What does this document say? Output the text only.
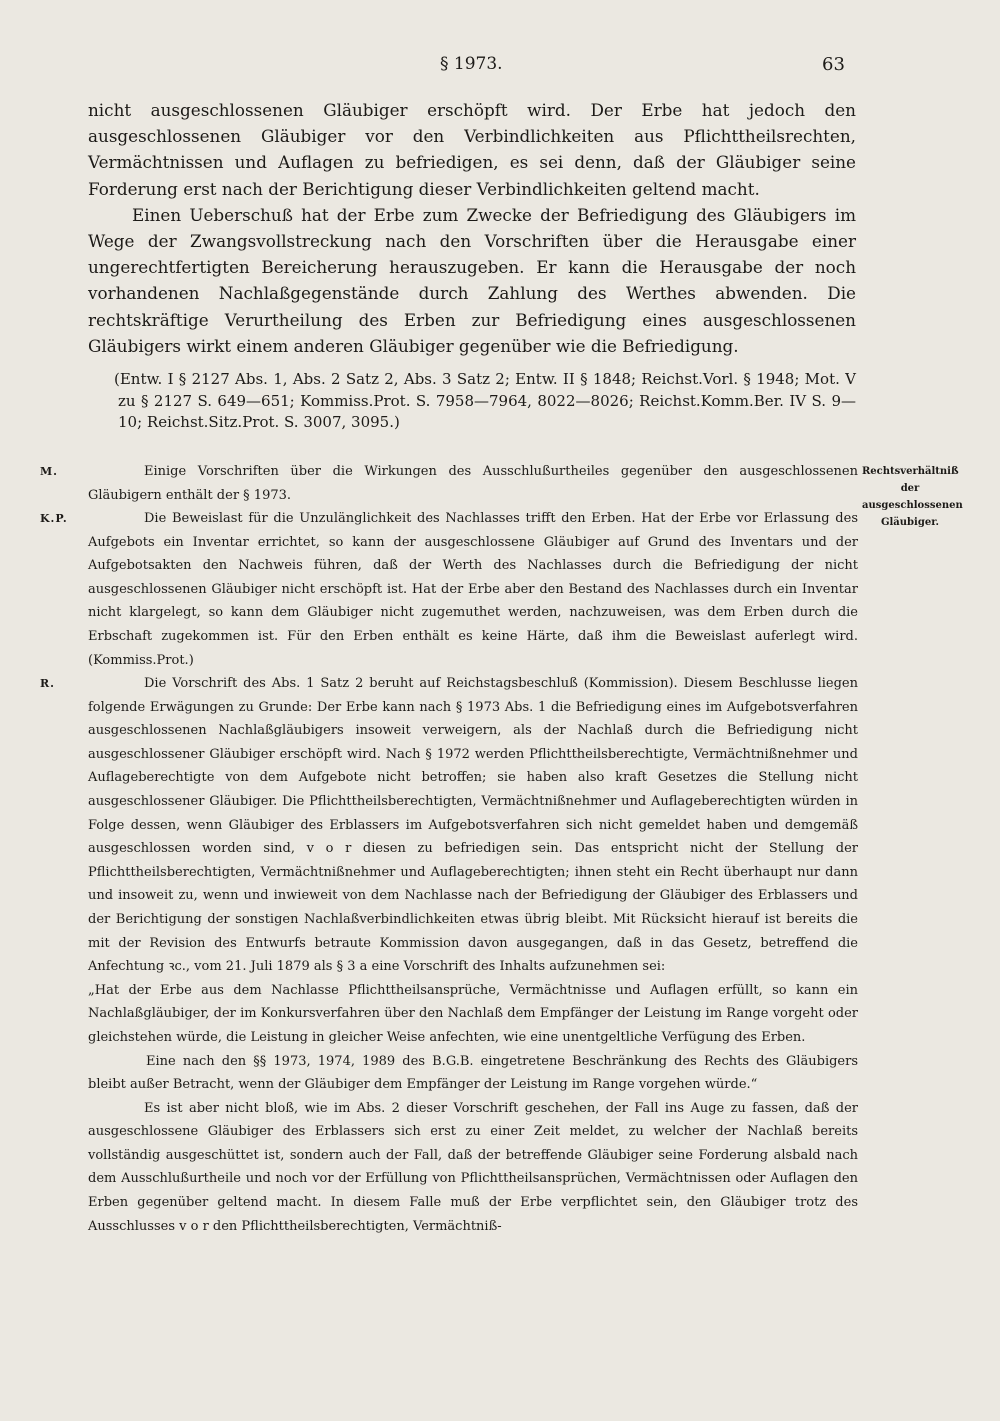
§ 1973.	63

nicht ausgeschlossenen Gläubiger erschöpft wird. Der Erbe hat jedoch den ausgeschlossenen Gläubiger vor den Verbindlichkeiten aus Pflichttheilsrechten, Vermächtnissen und Auflagen zu befriedigen, es sei denn, daß der Gläubiger seine Forderung erst nach der Berichtigung dieser Verbindlichkeiten geltend macht.

Einen Ueberschuß hat der Erbe zum Zwecke der Befriedigung des Gläubigers im Wege der Zwangsvollstreckung nach den Vorschriften über die Herausgabe einer ungerechtfertigten Bereicherung herauszugeben. Er kann die Herausgabe der noch vorhandenen Nachlaßgegenstände durch Zahlung des Werthes abwenden. Die rechtskräftige Verurtheilung des Erben zur Befriedigung eines ausgeschlossenen Gläubigers wirkt einem anderen Gläubiger gegenüber wie die Befriedigung.

(Entw. I § 2127 Abs. 1, Abs. 2 Satz 2, Abs. 3 Satz 2; Entw. II § 1848; Reichst.Vorl. § 1948; Mot. V zu § 2127 S. 649—651; Kommiss.Prot. S. 7958—7964, 8022—8026; Reichst.Komm.Ber. IV S. 9—10; Reichst.Sitz.Prot. S. 3007, 3095.)

Rechtsverhältniß der ausgeschlossenen Gläubiger.
M.	Einige Vorschriften über die Wirkungen des Ausschlußurtheiles gegenüber den ausgeschlossenen Gläubigern enthält der § 1973.

K.P.	Die Beweislast für die Unzulänglichkeit des Nachlasses trifft den Erben. Hat der Erbe vor Erlassung des Aufgebots ein Inventar errichtet, so kann der ausgeschlossene Gläubiger auf Grund des Inventars und der Aufgebotsakten den Nachweis führen, daß der Werth des Nachlasses durch die Befriedigung der nicht ausgeschlossenen Gläubiger nicht erschöpft ist. Hat der Erbe aber den Bestand des Nachlasses durch ein Inventar nicht klargelegt, so kann dem Gläubiger nicht zugemuthet werden, nachzuweisen, was dem Erben durch die Erbschaft zugekommen ist. Für den Erben enthält es keine Härte, daß ihm die Beweislast auferlegt wird. (Kommiss.Prot.)

R.	Die Vorschrift des Abs. 1 Satz 2 beruht auf Reichstagsbeschluß (Kommission). Diesem Beschlusse liegen folgende Erwägungen zu Grunde: Der Erbe kann nach § 1973 Abs. 1 die Befriedigung eines im Aufgebotsverfahren ausgeschlossenen Nachlaßgläubigers insoweit verweigern, als der Nachlaß durch die Befriedigung nicht ausgeschlossener Gläubiger erschöpft wird. Nach § 1972 werden Pflichttheilsberechtigte, Vermächtnißnehmer und Auflageberechtigte von dem Aufgebote nicht betroffen; sie haben also kraft Gesetzes die Stellung nicht ausgeschlossener Gläubiger. Die Pflichttheilsberechtigten, Vermächtnißnehmer und Auflageberechtigten würden in Folge dessen, wenn Gläubiger des Erblassers im Aufgebotsverfahren sich nicht gemeldet haben und demgemäß ausgeschlossen worden sind, v o r diesen zu befriedigen sein. Das entspricht nicht der Stellung der Pflichttheilsberechtigten, Vermächtnißnehmer und Auflageberechtigten; ihnen steht ein Recht überhaupt nur dann und insoweit zu, wenn und inwieweit von dem Nachlasse nach der Befriedigung der Gläubiger des Erblassers und der Berichtigung der sonstigen Nachlaßverbindlichkeiten etwas übrig bleibt. Mit Rücksicht hierauf ist bereits die mit der Revision des Entwurfs betraute Kommission davon ausgegangen, daß in das Gesetz, betreffend die Anfechtung ꝛc., vom 21. Juli 1879 als § 3 a eine Vorschrift des Inhalts aufzunehmen sei:

„Hat der Erbe aus dem Nachlasse Pflichttheilsansprüche, Vermächtnisse und Auflagen erfüllt, so kann ein Nachlaßgläubiger, der im Konkursverfahren über den Nachlaß dem Empfänger der Leistung im Range vorgeht oder gleichstehen würde, die Leistung in gleicher Weise anfechten, wie eine unentgeltliche Verfügung des Erben.

Eine nach den §§ 1973, 1974, 1989 des B.G.B. eingetretene Beschränkung des Rechts des Gläubigers bleibt außer Betracht, wenn der Gläubiger dem Empfänger der Leistung im Range vorgehen würde.“

Es ist aber nicht bloß, wie im Abs. 2 dieser Vorschrift geschehen, der Fall ins Auge zu fassen, daß der ausgeschlossene Gläubiger des Erblassers sich erst zu einer Zeit meldet, zu welcher der Nachlaß bereits vollständig ausgeschüttet ist, sondern auch der Fall, daß der betreffende Gläubiger seine Forderung alsbald nach dem Ausschlußurtheile und noch vor der Erfüllung von Pflichttheilsansprüchen, Vermächtnissen oder Auflagen den Erben gegenüber geltend macht. In diesem Falle muß der Erbe verpflichtet sein, den Gläubiger trotz des Ausschlusses v o r den Pflichttheilsberechtigten, Vermächtniß-
